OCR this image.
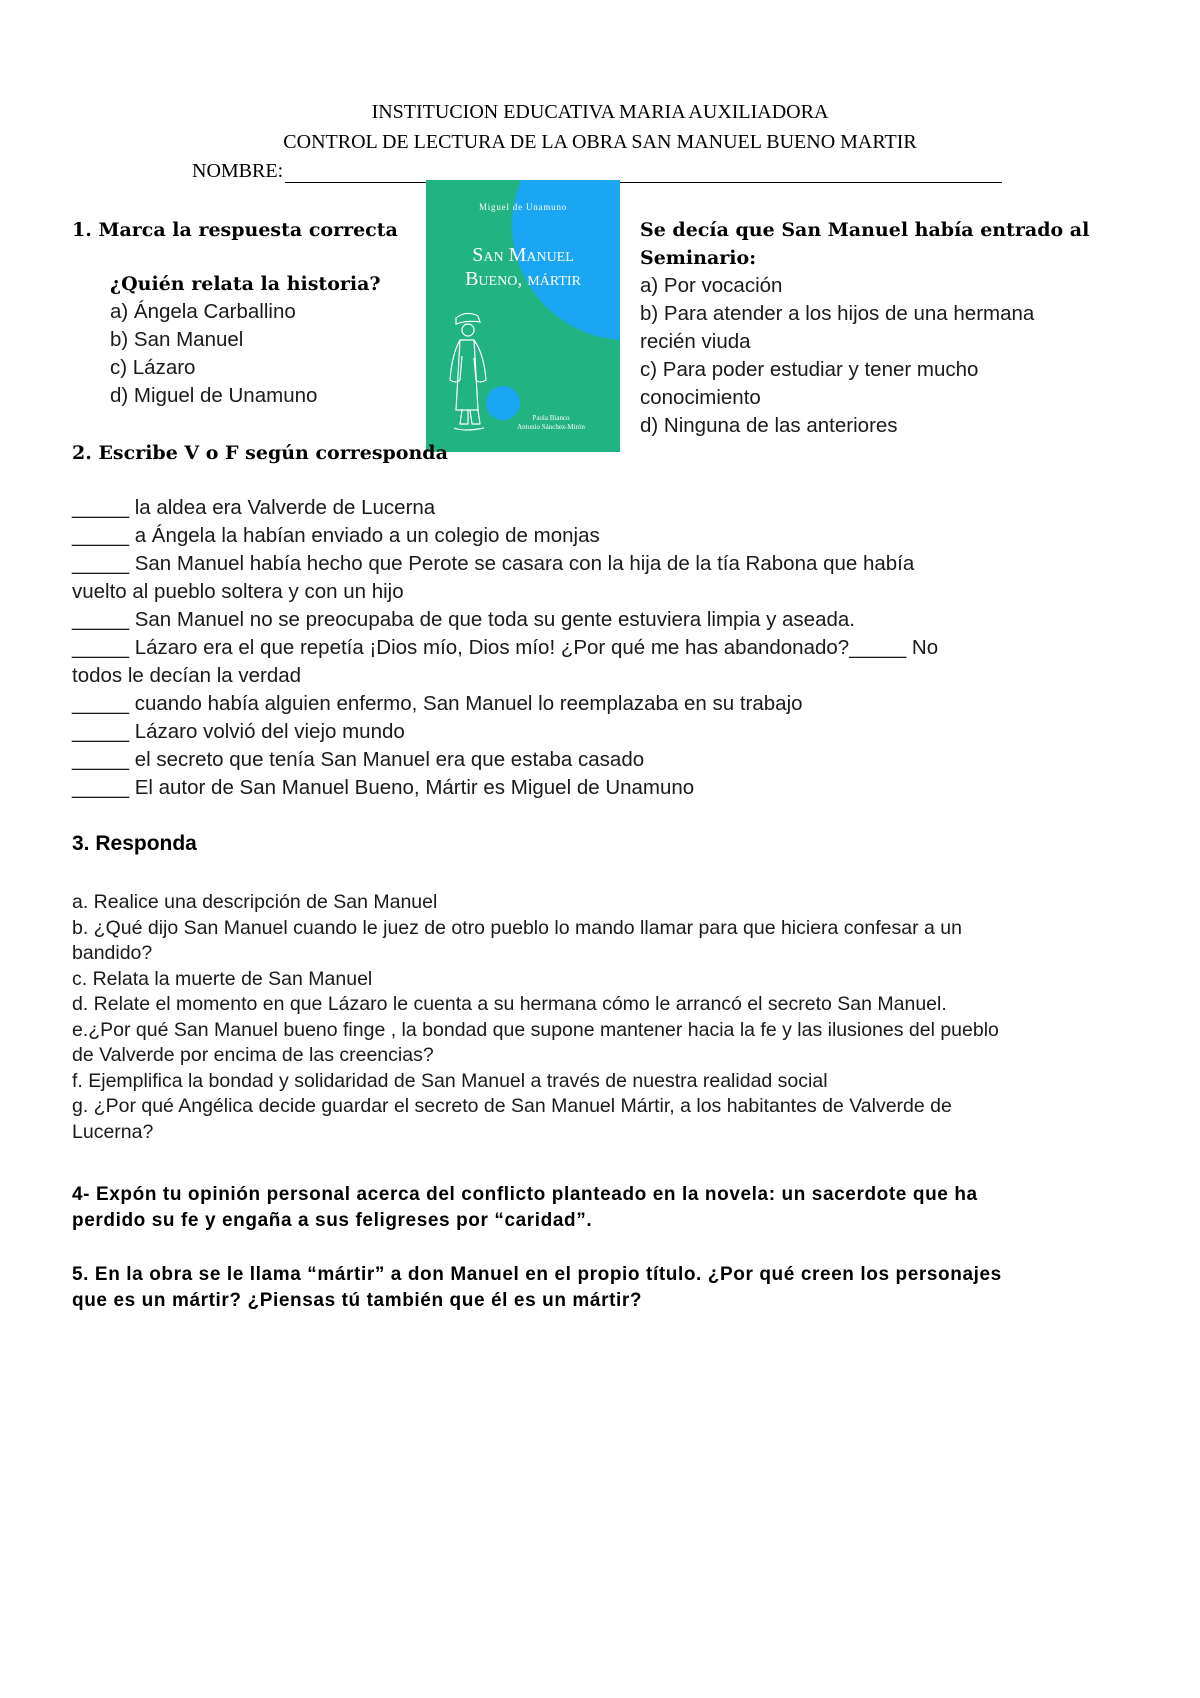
INSTITUCION EDUCATIVA MARIA AUXILIADORA
CONTROL DE LECTURA DE LA OBRA SAN MANUEL BUENO MARTIR
NOMBRE:
Miguel de Unamuno
San Manuel
Bueno, mártir
Paola Bianco
Antonio Sánchez-Mirón
1. Marca la respuesta correcta
¿Quién relata la historia?
a) Ángela Carballino
b) San Manuel
c) Lázaro
d) Miguel de Unamuno
Se decía que San Manuel había entrado al
Seminario:
a) Por vocación
b) Para atender a los hijos de una hermana
recién viuda
c) Para poder estudiar y tener mucho
conocimiento
d) Ninguna de las anteriores
2. Escribe V o F según corresponda

_____ la aldea era Valverde de Lucerna

_____ a Ángela la habían enviado a un colegio de monjas

_____ San Manuel había hecho que Perote se casara con la hija de la tía Rabona que había

vuelto al pueblo soltera y con un hijo

_____ San Manuel no se preocupaba de que toda su gente estuviera limpia y aseada.

_____ Lázaro era el que repetía ¡Dios mío, Dios mío! ¿Por qué me has abandonado?_____ No

todos le decían la verdad

_____ cuando había alguien enfermo, San Manuel lo reemplazaba en su trabajo

_____ Lázaro volvió del viejo mundo

_____ el secreto que tenía San Manuel era que estaba casado

_____ El autor de San Manuel Bueno, Mártir es Miguel de Unamuno

3. Responda

a. Realice una descripción de San Manuel

b. ¿Qué dijo San Manuel cuando le juez de otro pueblo lo mando llamar para que hiciera confesar a un

bandido?

c. Relata la muerte de San Manuel

d. Relate el momento en que Lázaro le cuenta a su hermana cómo le arrancó el secreto San Manuel.

e.¿Por qué San Manuel bueno finge , la bondad que supone mantener hacia la fe y las ilusiones del pueblo

de Valverde por encima de las creencias?

f. Ejemplifica la bondad y solidaridad de San Manuel a través de nuestra realidad social

g. ¿Por qué Angélica decide guardar el secreto de San Manuel Mártir, a los habitantes de Valverde de

Lucerna?

4- Expón tu opinión personal acerca del conflicto planteado en la novela: un sacerdote que ha
perdido su fe y engaña a sus feligreses por “caridad”.
5. En la obra se le llama “mártir” a don Manuel en el propio título. ¿Por qué creen los personajes
que es un mártir? ¿Piensas tú también que él es un mártir?
